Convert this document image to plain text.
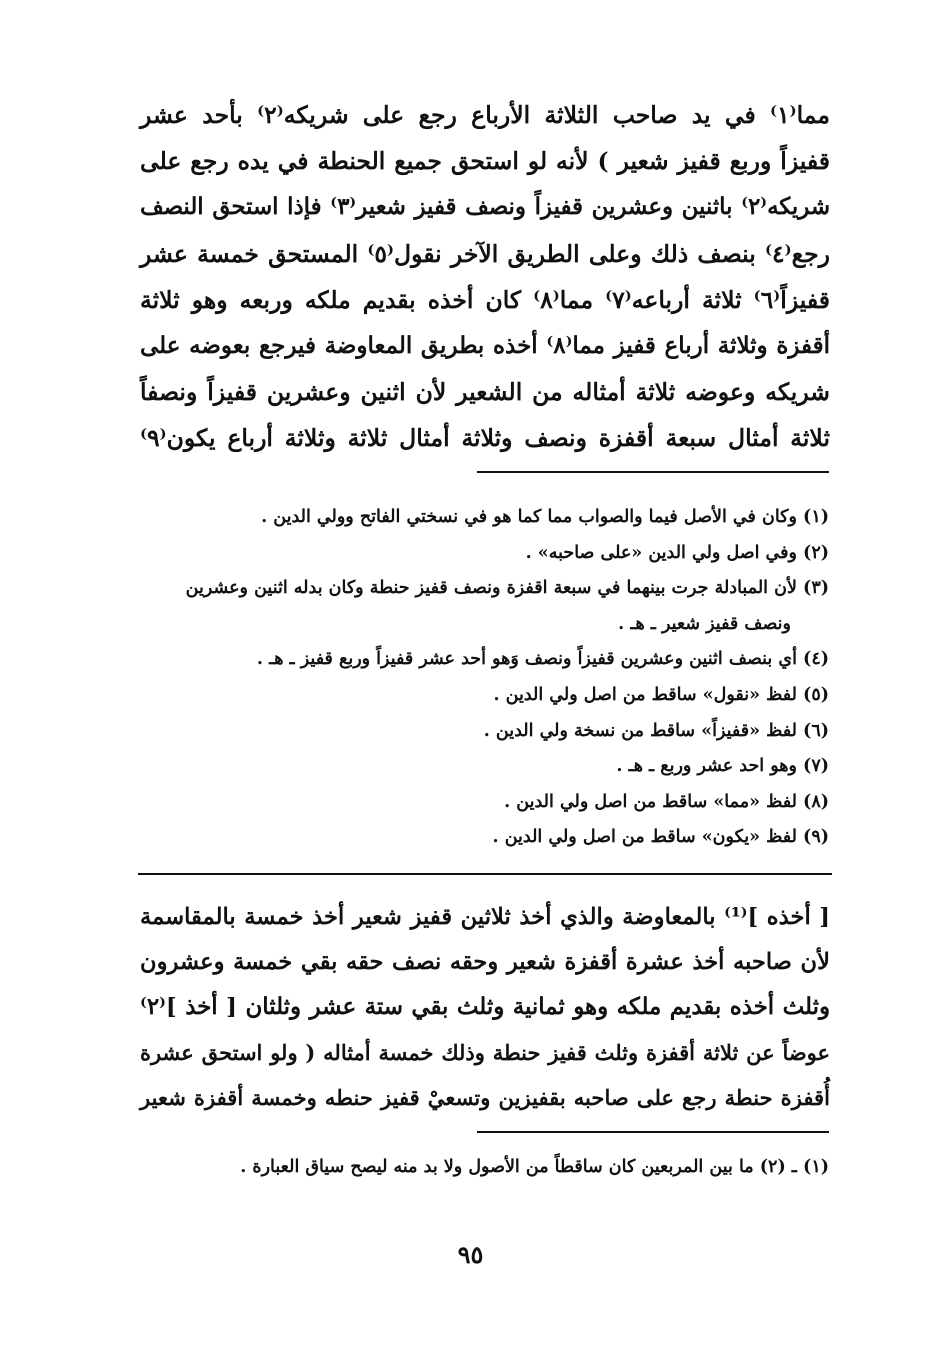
مما⁽١⁾ في يد صاحب الثلاثة الأرباع رجع على شريكه⁽٢⁾ بأحد عشر
قفيزاً وربع قفيز شعير ) لأنه لو استحق جميع الحنطة في يده رجع على
شريكه⁽٢⁾ باثنين وعشرين قفيزاً ونصف قفيز شعير⁽٣⁾ فإذا استحق النصف
رجع⁽٤⁾ بنصف ذلك وعلى الطريق الآخر نقول⁽٥⁾ المستحق خمسة عشر
قفيزاً⁽٦⁾ ثلاثة أرباعه⁽٧⁾ مما⁽٨⁾ كان أخذه بقديم ملكه وربعه وهو ثلاثة
أقفزة وثلاثة أرباع قفيز مما⁽٨⁾ أخذه بطريق المعاوضة فيرجع بعوضه على
شريكه وعوضه ثلاثة أمثاله من الشعير لأن اثنين وعشرين قفيزاً ونصفاً
ثلاثة أمثال سبعة أقفزة ونصف وثلاثة أمثال ثلاثة وثلاثة أرباع يكون⁽٩⁾
(١) وكان في الأصل فيما والصواب مما كما هو في نسختي الفاتح وولي الدين .
(٢) وفي اصل ولي الدين «على صاحبه» .
(٣) لأن المبادلة جرت بينهما في سبعة اقفزة ونصف قفيز حنطة وكان بدله اثنين وعشرين
ونصف قفيز شعير ـ هـ .
(٤) أي بنصف اثنين وعشرين قفيزاً ونصف وَهو أحد عشر قفيزاً وربع قفيز ـ هـ .
(٥) لفظ «نقول» ساقط من اصل ولي الدين .
(٦) لفظ «قفيزاً» ساقط من نسخة ولي الدين .
(٧) وهو احد عشر وربع ـ هـ .
(٨) لفظ «مما» ساقط من اصل ولي الدين .
(٩) لفظ «يكون» ساقط من اصل ولي الدين .
[ أخذه ]⁽¹⁾ بالمعاوضة والذي أخذ ثلاثين قفيز شعير أخذ خمسة بالمقاسمة
لأن صاحبه أخذ عشرة أقفزة شعير وحقه نصف حقه بقي خمسة وعشرون
وثلث أخذه بقديم ملكه وهو ثمانية وثلث بقي ستة عشر وثلثان [ أخذ ]⁽٢⁾
عوضاً عن ثلاثة أقفزة وثلث قفيز حنطة وذلك خمسة أمثاله ( ولو استحق عشرة
أُقفزة حنطة رجع على صاحبه بقفيزين وتسعيْ قفيز حنطه وخمسة أقفزة شعير
(١) ـ (٢) ما بين المربعين كان ساقطاً من الأصول ولا بد منه ليصح سياق العبارة .
٩٥
